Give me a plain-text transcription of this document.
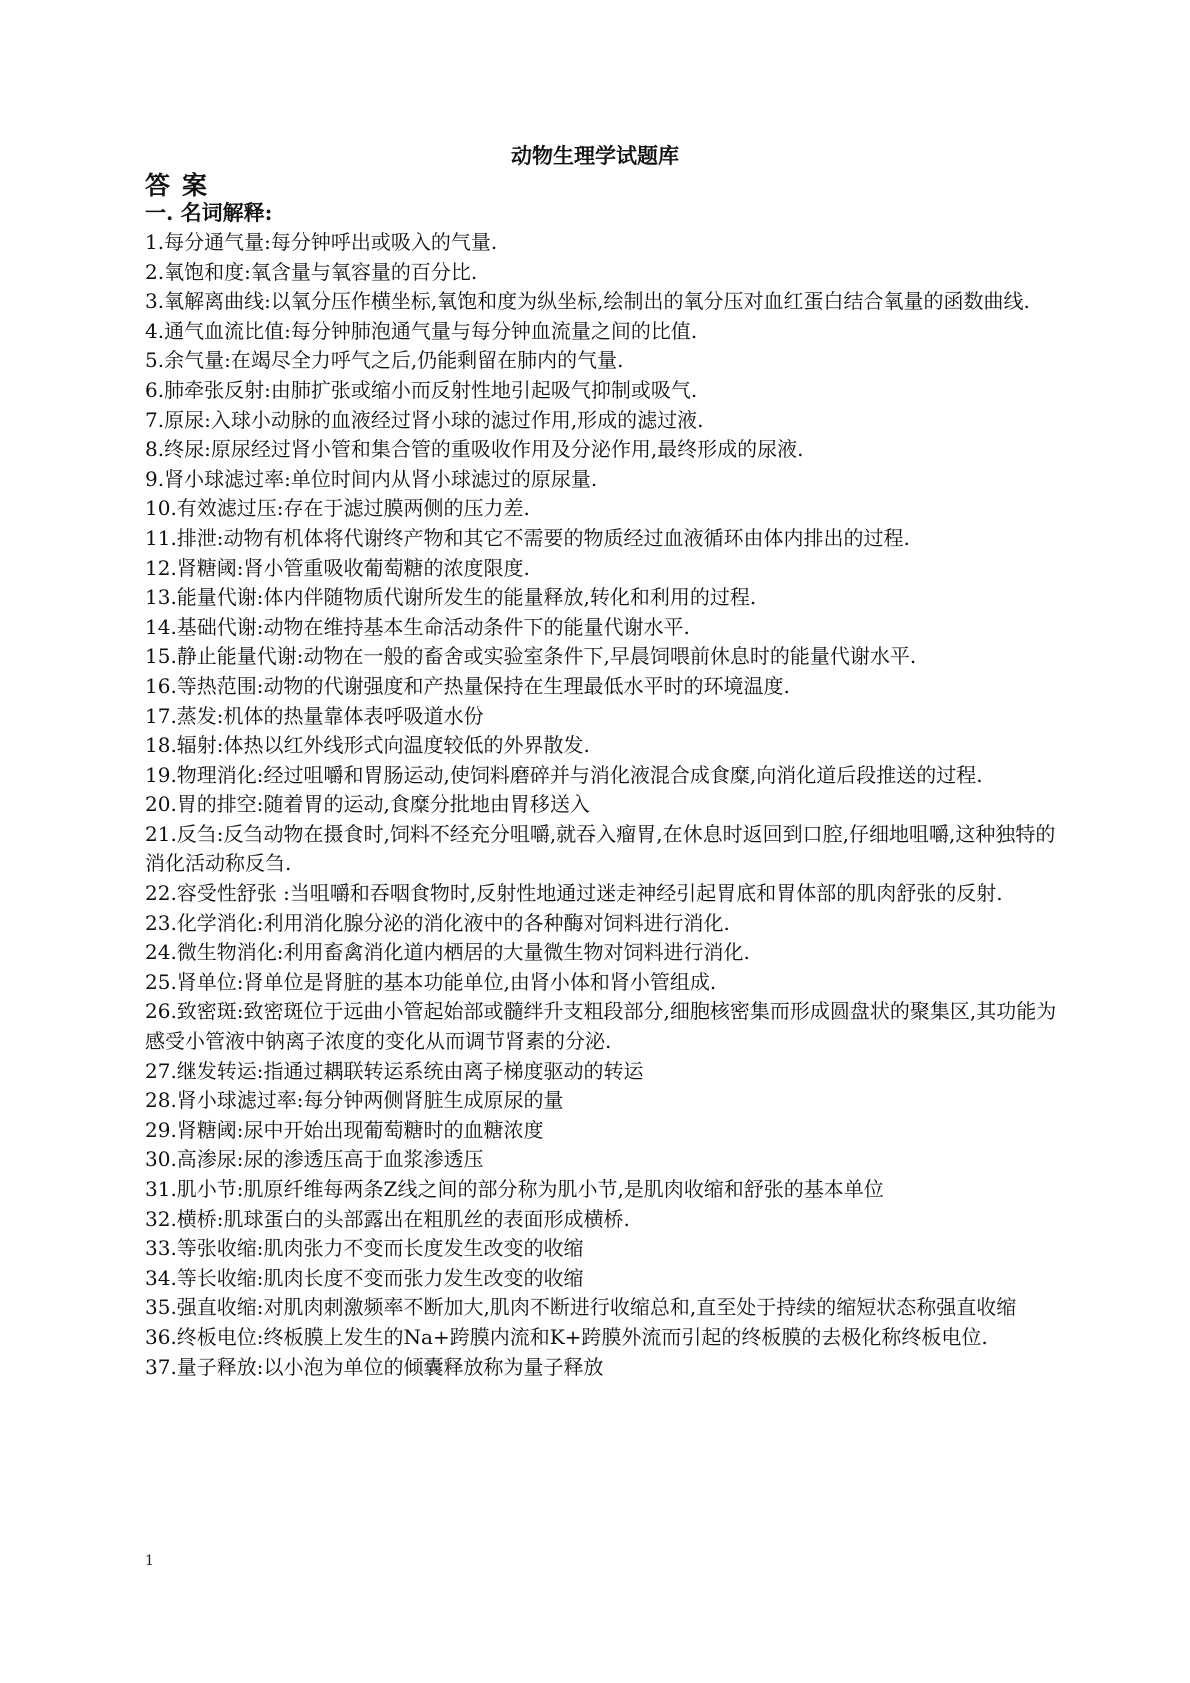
动物生理学试题库
答案
一. 名词解释:
1.每分通气量:每分钟呼出或吸入的气量.
2.氧饱和度:氧含量与氧容量的百分比.
3.氧解离曲线:以氧分压作横坐标,氧饱和度为纵坐标,绘制出的氧分压对血红蛋白结合氧量的函数曲线.
4.通气血流比值:每分钟肺泡通气量与每分钟血流量之间的比值.
5.余气量:在竭尽全力呼气之后,仍能剩留在肺内的气量.
6.肺牵张反射:由肺扩张或缩小而反射性地引起吸气抑制或吸气.
7.原尿:入球小动脉的血液经过肾小球的滤过作用,形成的滤过液.
8.终尿:原尿经过肾小管和集合管的重吸收作用及分泌作用,最终形成的尿液.
9.肾小球滤过率:单位时间内从肾小球滤过的原尿量.
10.有效滤过压:存在于滤过膜两侧的压力差.
11.排泄:动物有机体将代谢终产物和其它不需要的物质经过血液循环由体内排出的过程.
12.肾糖阈:肾小管重吸收葡萄糖的浓度限度.
13.能量代谢:体内伴随物质代谢所发生的能量释放,转化和利用的过程.
14.基础代谢:动物在维持基本生命活动条件下的能量代谢水平.
15.静止能量代谢:动物在一般的畜舍或实验室条件下,早晨饲喂前休息时的能量代谢水平.
16.等热范围:动物的代谢强度和产热量保持在生理最低水平时的环境温度.
17.蒸发:机体的热量靠体表呼吸道水份
18.辐射:体热以红外线形式向温度较低的外界散发.
19.物理消化:经过咀嚼和胃肠运动,使饲料磨碎并与消化液混合成食糜,向消化道后段推送的过程.
20.胃的排空:随着胃的运动,食糜分批地由胃移送入
21.反刍:反刍动物在摄食时,饲料不经充分咀嚼,就吞入瘤胃,在休息时返回到口腔,仔细地咀嚼,这种独特的消化活动称反刍.
22.容受性舒张 :当咀嚼和吞咽食物时,反射性地通过迷走神经引起胃底和胃体部的肌肉舒张的反射.
23.化学消化:利用消化腺分泌的消化液中的各种酶对饲料进行消化.
24.微生物消化:利用畜禽消化道内栖居的大量微生物对饲料进行消化.
25.肾单位:肾单位是肾脏的基本功能单位,由肾小体和肾小管组成.
26.致密斑:致密斑位于远曲小管起始部或髓绊升支粗段部分,细胞核密集而形成圆盘状的聚集区,其功能为感受小管液中钠离子浓度的变化从而调节肾素的分泌.
27.继发转运:指通过耦联转运系统由离子梯度驱动的转运
28.肾小球滤过率:每分钟两侧肾脏生成原尿的量
29.肾糖阈:尿中开始出现葡萄糖时的血糖浓度
30.高渗尿:尿的渗透压高于血浆渗透压
31.肌小节:肌原纤维每两条Z线之间的部分称为肌小节,是肌肉收缩和舒张的基本单位
32.横桥:肌球蛋白的头部露出在粗肌丝的表面形成横桥.
33.等张收缩:肌肉张力不变而长度发生改变的收缩
34.等长收缩:肌肉长度不变而张力发生改变的收缩
35.强直收缩:对肌肉刺激频率不断加大,肌肉不断进行收缩总和,直至处于持续的缩短状态称强直收缩
36.终板电位:终板膜上发生的Na+跨膜内流和K+跨膜外流而引起的终板膜的去极化称终板电位.
37.量子释放:以小泡为单位的倾囊释放称为量子释放
1
